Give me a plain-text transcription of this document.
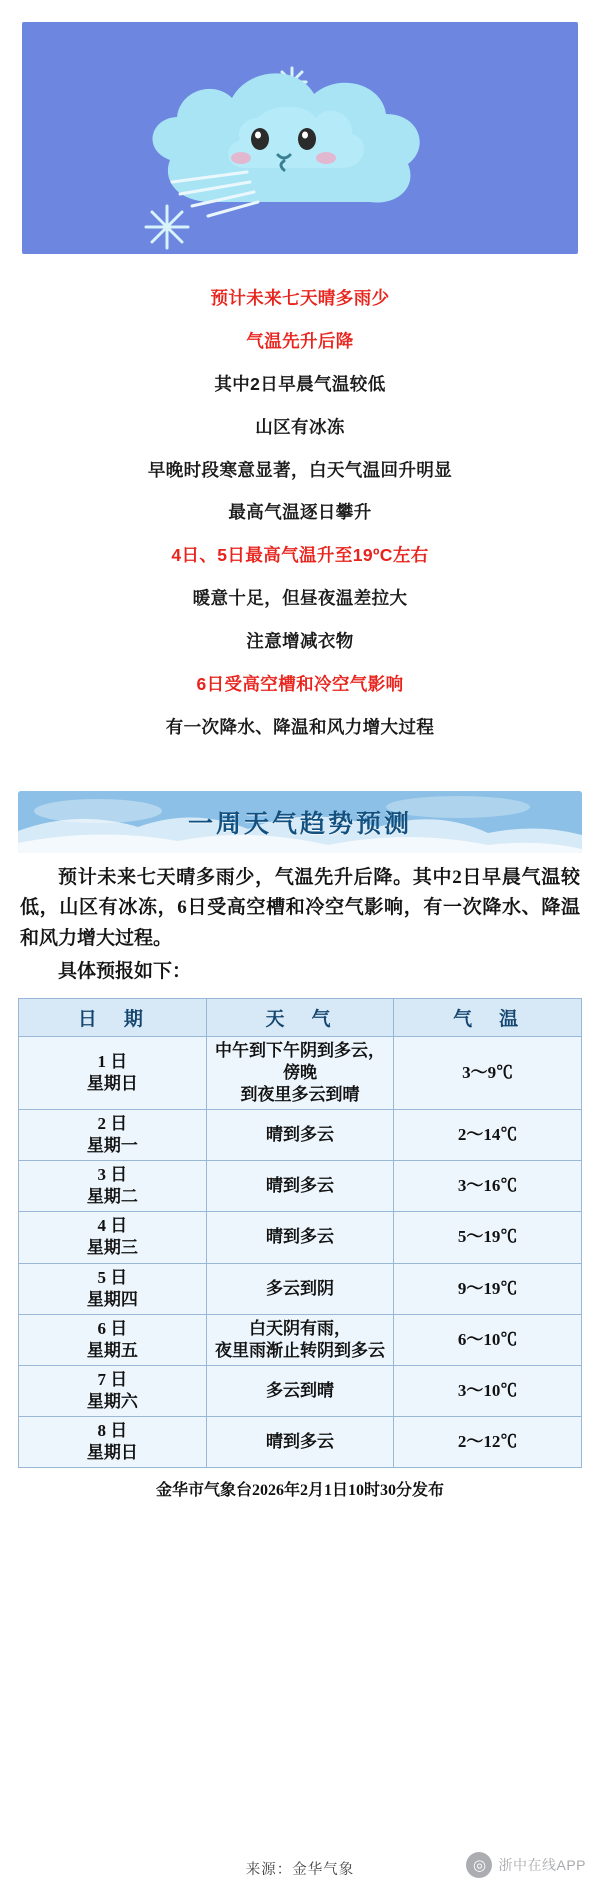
预计未来七天晴多雨少

气温先升后降

其中2日早晨气温较低

山区有冰冻

早晚时段寒意显著，白天气温回升明显

最高气温逐日攀升

4日、5日最高气温升至19ºC左右

暖意十足，但昼夜温差拉大

注意增减衣物

6日受高空槽和冷空气影响

有一次降水、降温和风力增大过程

一周天气趋势预测

预计未来七天晴多雨少，气温先升后降。其中2日早晨气温较低，山区有冰冻，6日受高空槽和冷空气影响，有一次降水、降温和风力增大过程。

具体预报如下：

日　期	天　气	气　温

1 日
星期日	中午到下午阴到多云，傍晚
到夜里多云到晴	3～9℃

2 日
星期一	晴到多云	2～14℃

3 日
星期二	晴到多云	3～16℃

4 日
星期三	晴到多云	5～19℃

5 日
星期四	多云到阴	9～19℃

6 日
星期五	白天阴有雨，
夜里雨渐止转阴到多云	6～10℃

7 日
星期六	多云到晴	3～10℃

8 日
星期日	晴到多云	2～12℃
金华市气象台2026年2月1日10时30分发布
来源：金华气象	◎ 浙中在线APP
